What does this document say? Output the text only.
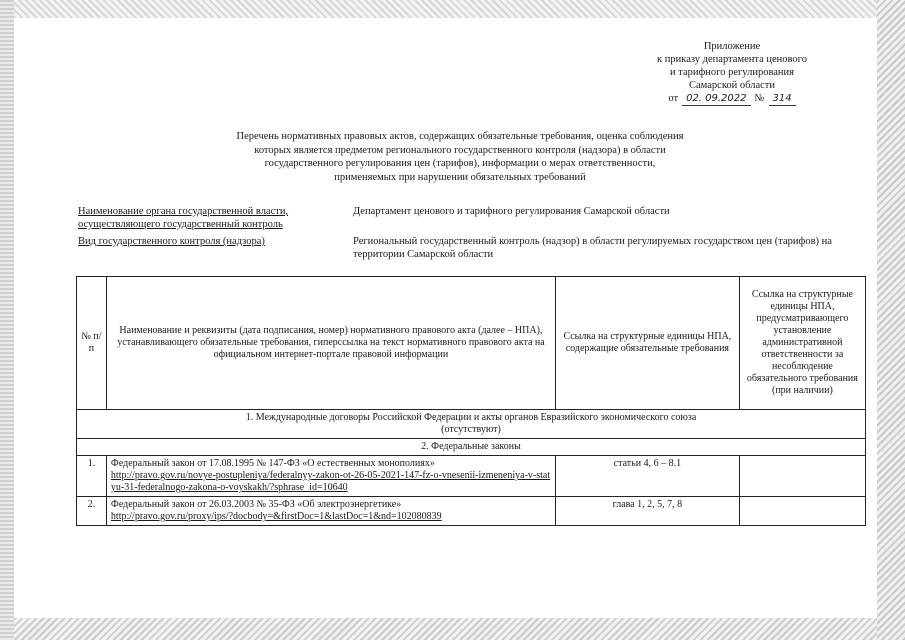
Приложение
к приказу департамента ценового
и тарифного регулирования
Самарской области
от 02. 09.2022 № 314
Перечень нормативных правовых актов, содержащих обязательные требования, оценка соблюдения
которых является предметом регионального государственного контроля (надзора) в области
государственного регулирования цен (тарифов), информации о мерах ответственности,
применяемых при нарушении обязательных требований
Наименование органа государственной власти, осуществляющего государственный контроль
Департамент ценового и тарифного регулирования Самарской области
Вид государственного контроля (надзора)	Региональный государственный контроль (надзор) в области регулируемых государством цен (тарифов) на территории Самарской области
№ п/п	Наименование и реквизиты (дата подписания, номер) нормативного правового акта (далее – НПА), устанавливающего обязательные требования, гиперссылка на текст нормативного правового акта на официальном интернет-портале правовой информации	Ссылка на структурные единицы НПА, содержащие обязательные требования	Ссылка на структурные единицы НПА, предусматривающего установление административной ответственности за несоблюдение обязательного требования (при наличии)

1. Международные договоры Российской Федерации и акты органов Евразийского экономического союза
(отсутствуют)			

2. Федеральные законы			

1.	Федеральный закон от 17.08.1995 № 147-ФЗ «О естественных монополиях»
http://pravo.gov.ru/novye-postupleniya/federalnyy-zakon-ot-26-05-2021-147-fz-o-vnesenii-izmeneniya-v-statyu-31-federalnogo-zakona-o-voyskakh/?sphrase_id=10640	статьи 4, 6 – 8.1	
2.	Федеральный закон от 26.03.2003 № 35-ФЗ «Об электроэнергетике»
http://pravo.gov.ru/proxy/ips/?docbody=&firstDoc=1&lastDoc=1&nd=102080839	глава 1, 2, 5, 7, 8	
